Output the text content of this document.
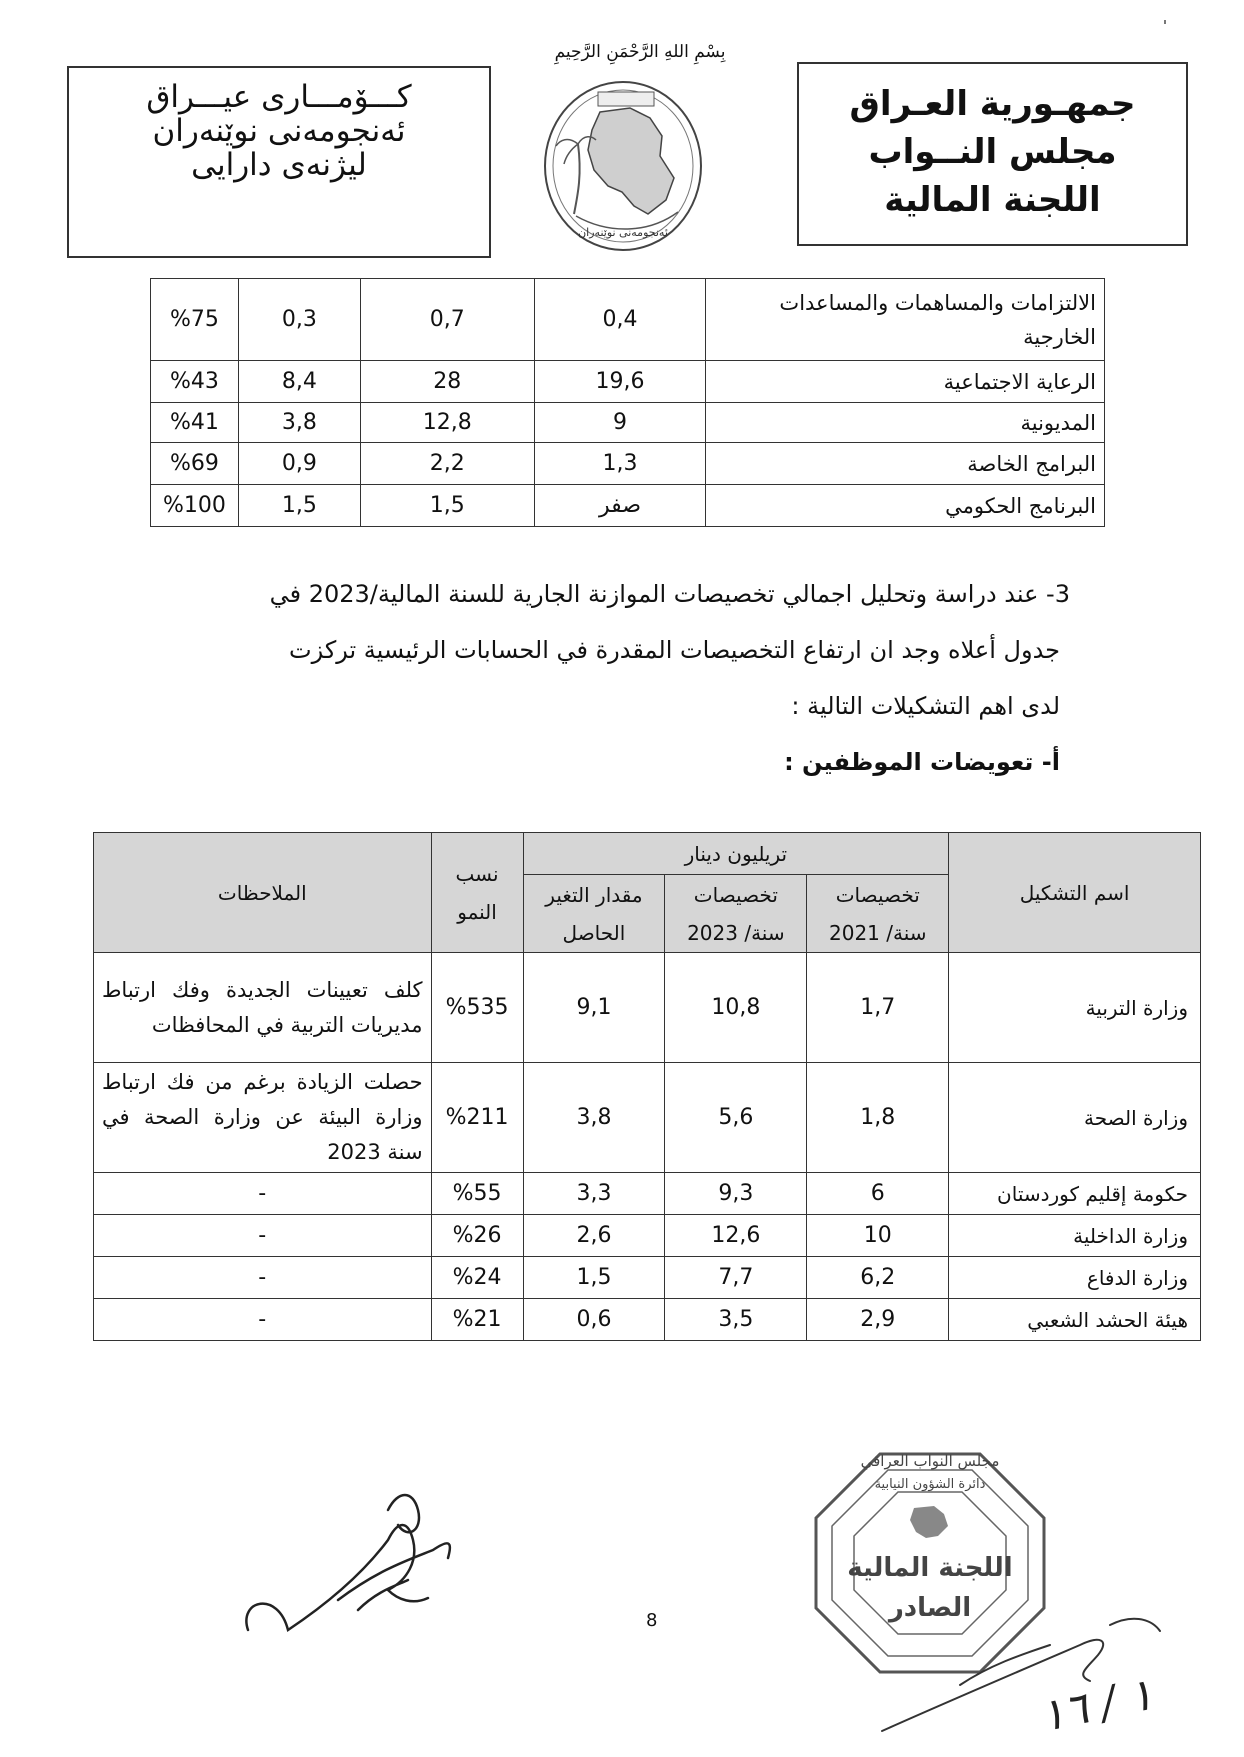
بِسْمِ اللهِ الرَّحْمَنِ الرَّحِيمِ
جمهـورية العـراق
مجلس النــواب
اللجنة المالية
كـــۆمـــاری عیـــراق
ئەنجومەنی نوێنەران
لیژنەی دارایی
ئەنجومەنی نوێنەران
%75	0,3	0,7	0,4	الالتزامات والمساهمات والمساعدات الخارجية
%43	8,4	28	19,6	الرعاية الاجتماعية
%41	3,8	12,8	9	المديونية
%69	0,9	2,2	1,3	البرامج الخاصة
%100	1,5	1,5	صفر	البرنامج الحكومي
3- عند دراسة وتحليل اجمالي تخصيصات الموازنة الجارية للسنة المالية/2023 في
جدول أعلاه وجد ان ارتفاع التخصيصات المقدرة في الحسابات الرئيسية تركزت
لدى اهم التشكيلات التالية :
أ- تعويضات الموظفين :
الملاحظات	نسب النمو	تريليون دينار			اسم التشكيل
		مقدار التغير الحاصل	تخصيصات سنة/ 2023	تخصيصات سنة/ 2021	
كلف تعيينات الجديدة وفك ارتباط مديريات التربية في المحافظات	%535	9,1	10,8	1,7	وزارة التربية
حصلت الزيادة برغم من فك ارتباط وزارة البيئة عن وزارة الصحة في سنة 2023	%211	3,8	5,6	1,8	وزارة الصحة
-	%55	3,3	9,3	6	حكومة إقليم كوردستان
-	%26	2,6	12,6	10	وزارة الداخلية
-	%24	1,5	7,7	6,2	وزارة الدفاع
-	%21	0,6	3,5	2,9	هيئة الحشد الشعبي
مجلس النواب العراقي
دائرة الشؤون النيابية
اللجنة المالية
الصادر
١ / ١٦
8
